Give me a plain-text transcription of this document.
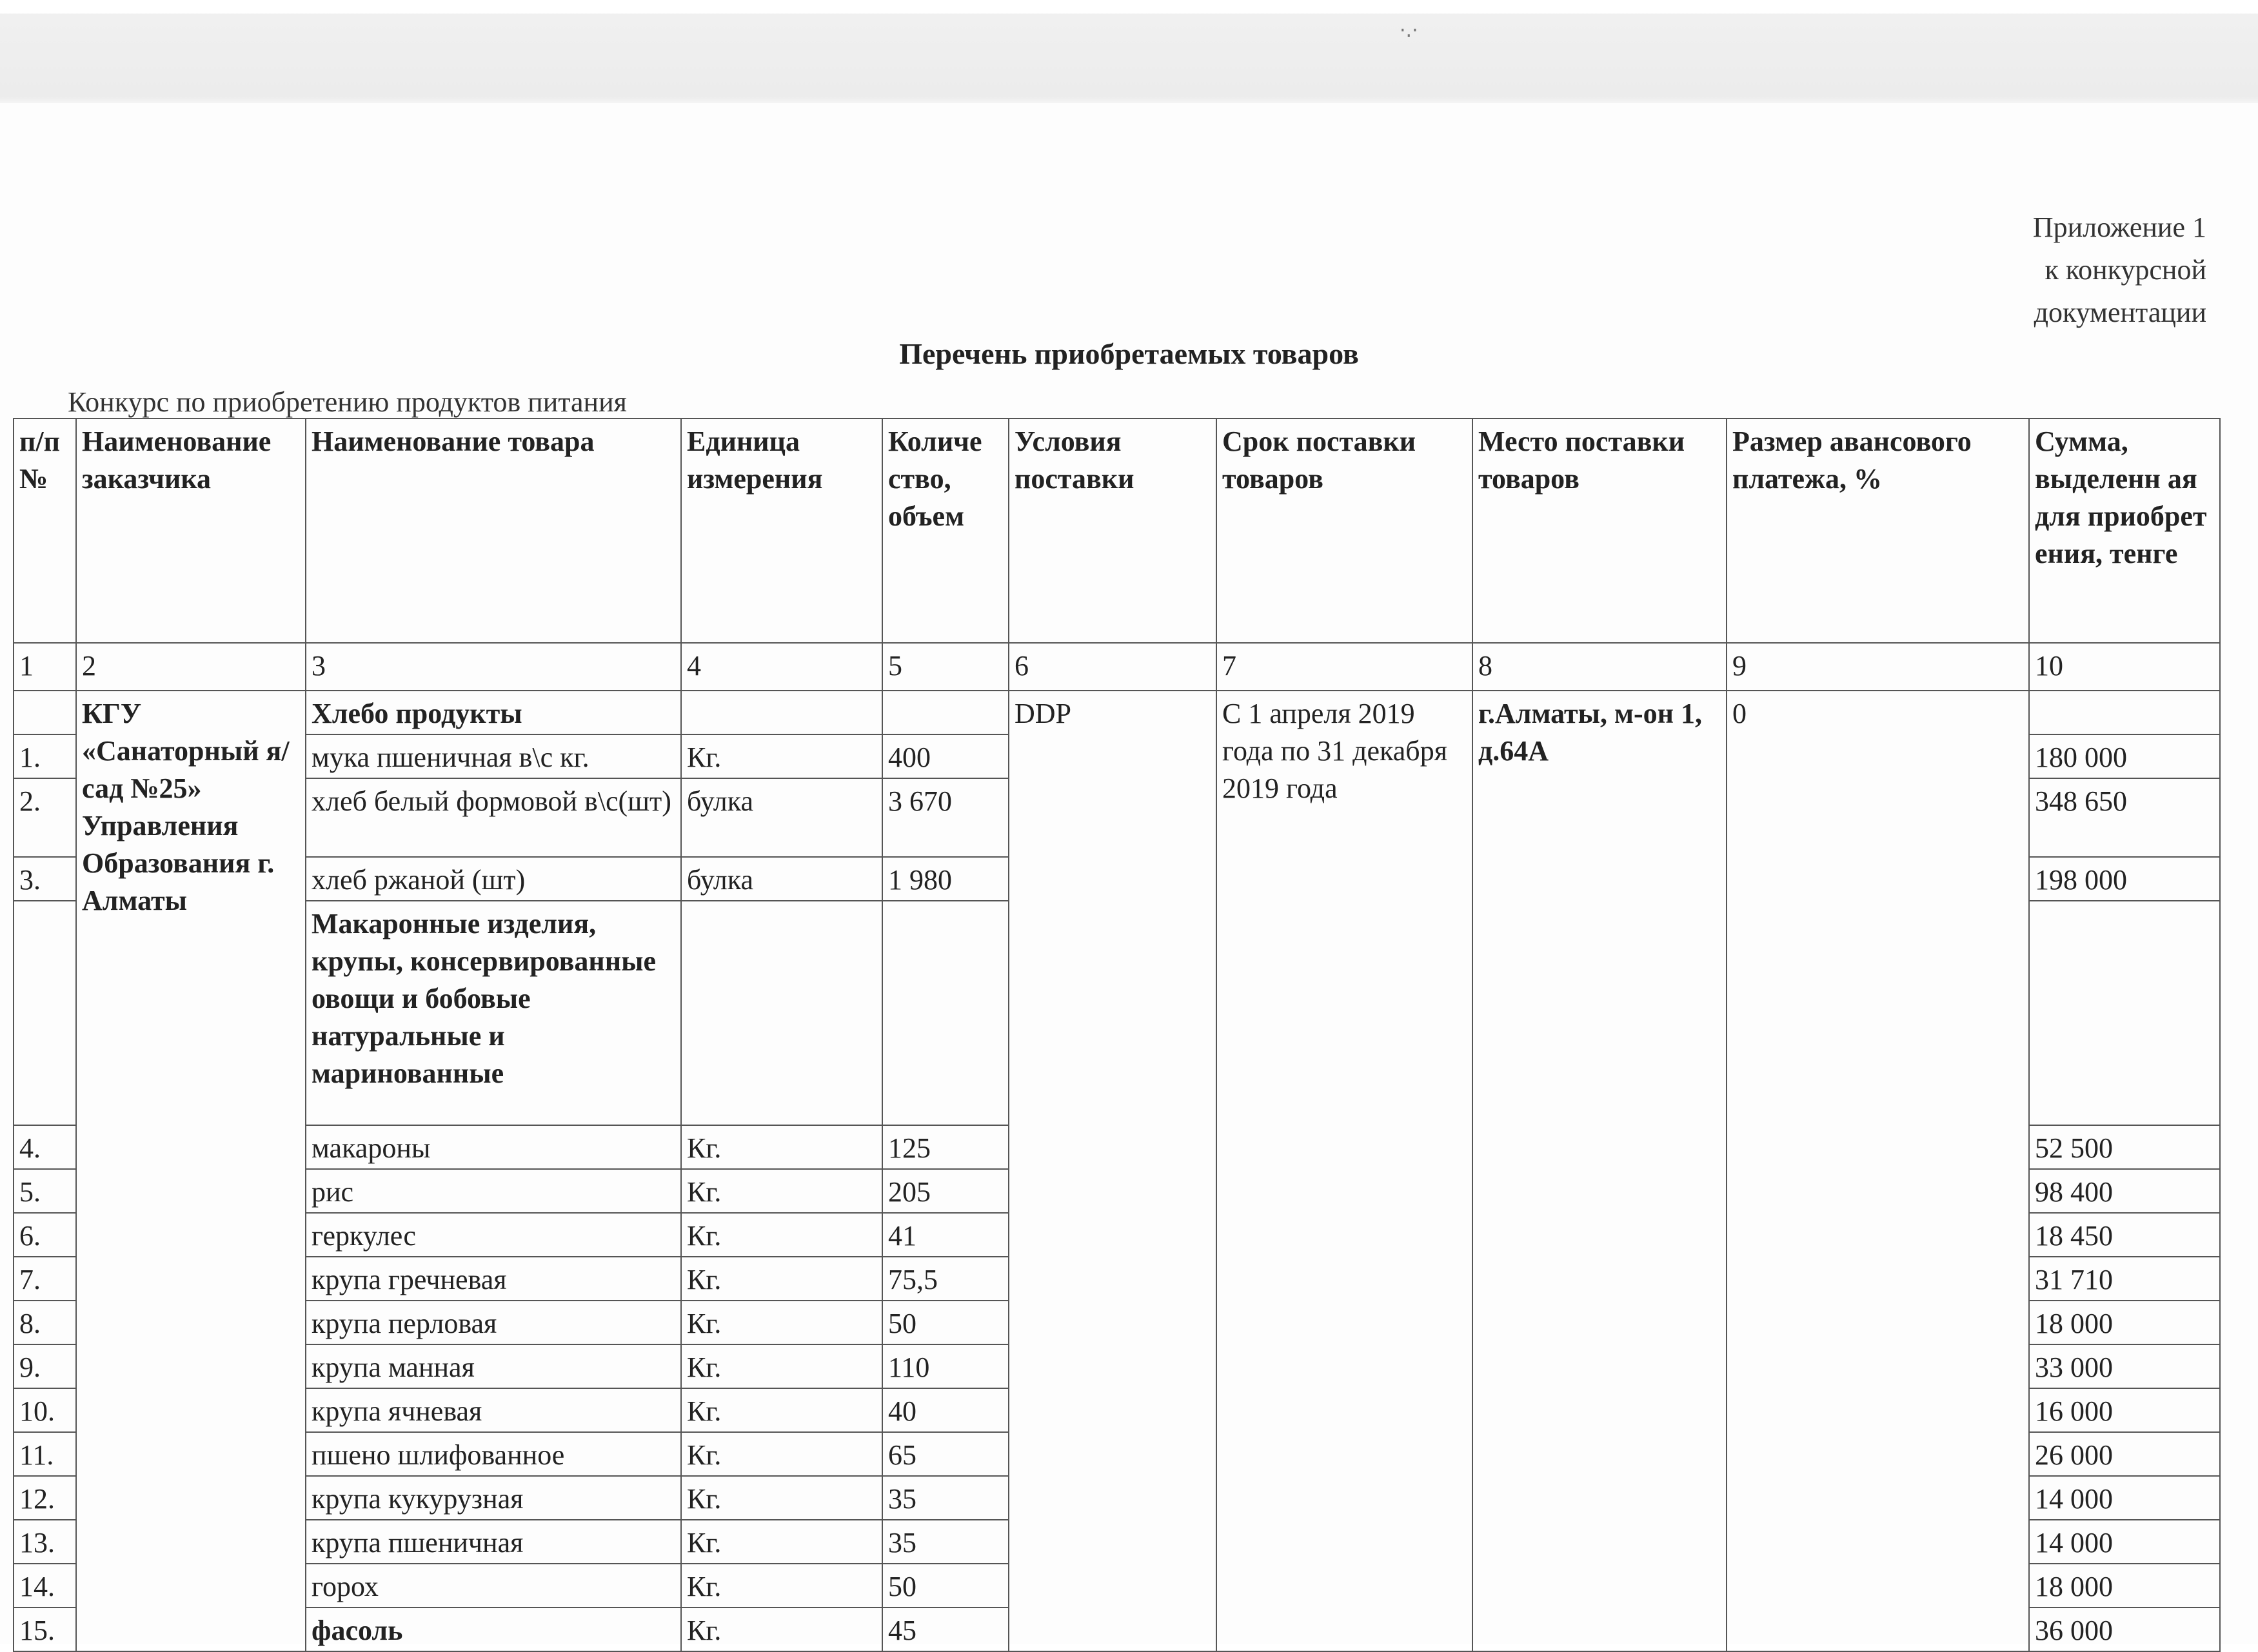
·.·
Приложение 1
к конкурсной
документации
Перечень приобретаемых товаров
Конкурс по приобретению продуктов питания
п/п №	Наименование заказчика	Наименование товара	Единица измерения	Количе ство, объем	Условия поставки	Срок поставки товаров	Место поставки товаров	Размер авансового платежа, %	Сумма, выделенн ая для приобрет ения, тенге
1	2	3	4	5	6	7	8	9	10
	КГУ «Санаторный я/сад №25» Управления Образования г. Алматы	Хлебо продукты			DDP	С 1 апреля 2019 года по 31 декабря 2019 года	г.Алматы, м-он 1, д.64А	0	
1.		мука пшеничная в\с кг.	Кг.	400					180 000
2.		хлеб белый формовой в\с(шт)	булка	3 670					348 650
3.		хлеб ржаной (шт)	булка	1 980					198 000
		Макаронные изделия, крупы, консервированные овощи и бобовые натуральные и маринованные							
4.		макароны	Кг.	125					52 500
5.		рис	Кг.	205					98 400
6.		геркулес	Кг.	41					18 450
7.		крупа гречневая	Кг.	75,5					31 710
8.		крупа перловая	Кг.	50					18 000
9.		крупа манная	Кг.	110					33 000
10.		крупа ячневая	Кг.	40					16 000
11.		пшено шлифованное	Кг.	65					26 000
12.		крупа кукурузная	Кг.	35					14 000
13.		крупа пшеничная	Кг.	35					14 000
14.		горох	Кг.	50					18 000
15.		фасоль	Кг.	45					36 000
